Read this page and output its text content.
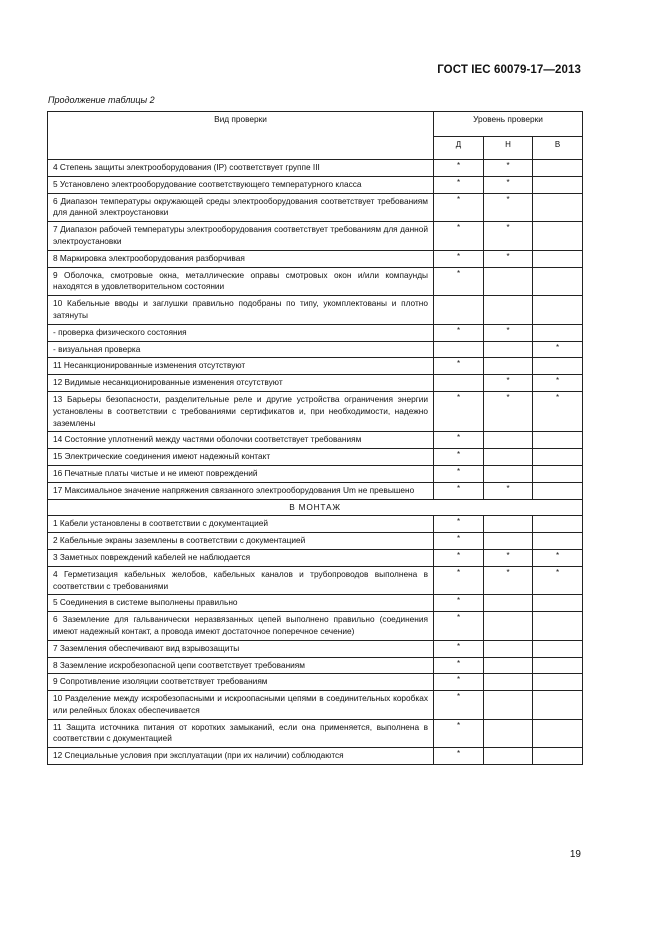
ГОСТ IEC 60079-17—2013
Продолжение таблицы 2
Вид проверки	Уровень проверки		
	Д	Н	В

4 Степень защиты электрооборудования (IP) соответствует группе III	*	*	

5 Установлено электрооборудование соответствующего температурного класса	*	*	

6 Диапазон температуры окружающей среды электрооборудования соответствует требованиям для данной электроустановки	*	*	

7 Диапазон рабочей температуры электрооборудования соответствует требованиям для данной электроустановки	*	*	

8 Маркировка электрооборудования разборчивая	*	*	

9 Оболочка, смотровые окна, металлические оправы смотровых окон и/или компаунды находятся в удовлетворительном состоянии	*		

10 Кабельные вводы и заглушки правильно подобраны по типу, укомплектованы и плотно затянуты			

- проверка физического состояния	*	*	

- визуальная проверка			*

11 Несанкционированные изменения отсутствуют	*		

12 Видимые несанкционированные изменения отсутствуют		*	*

13 Барьеры безопасности, разделительные реле и другие устройства ограничения энергии установлены в соответствии с требованиями сертификатов и, при необходимости, надежно заземлены	*	*	*

14 Состояние уплотнений между частями оболочки соответствует требованиям	*		

15 Электрические соединения имеют надежный контакт	*		

16 Печатные платы чистые и не имеют повреждений	*		

17 Максимальное значение напряжения связанного электрооборудования Um не превышено	*	*	
В МОНТАЖ			

1 Кабели установлены в соответствии с документацией	*		

2 Кабельные экраны заземлены в соответствии с документацией	*		

3 Заметных повреждений кабелей не наблюдается	*	*	*

4 Герметизация кабельных желобов, кабельных каналов и трубопроводов выполнена в соответствии с требованиями	*	*	*

5 Соединения в системе выполнены правильно	*		

6 Заземление для гальванически неразвязанных цепей выполнено правильно (соединения имеют надежный контакт, а провода имеют достаточное поперечное сечение)	*		

7 Заземления обеспечивают вид взрывозащиты	*		

8 Заземление искробезопасной цепи соответствует требованиям	*		

9 Сопротивление изоляции соответствует требованиям	*		

10 Разделение между искробезопасными и искроопасными цепями в соединительных коробках или релейных блоках обеспечивается	*		

11 Защита источника питания от коротких замыканий, если она применяется, выполнена в соответствии с документацией	*		

12 Специальные условия при эксплуатации (при их наличии) соблюдаются	*		
19
